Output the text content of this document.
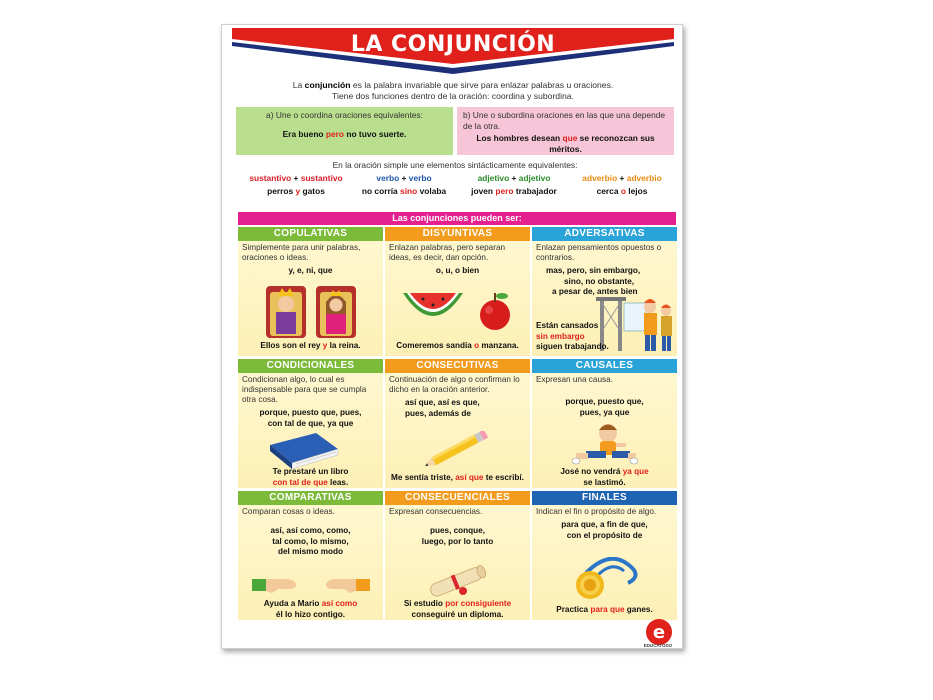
LA CONJUNCIÓN
La conjunción es la palabra invariable que sirve para enlazar palabras u oraciones.
Tiene dos funciones dentro de la oración: coordina y subordina.
a) Une o coordina oraciones equivalentes:
Era bueno pero no tuvo suerte.
b) Une o subordina oraciones en las que una depende de la otra.
Los hombres desean que se reconozcan sus méritos.
En la oración simple une elementos sintácticamente equivalentes:
sustantivo + sustantivo
perros y gatos
verbo + verbo
no corría sino volaba
adjetivo + adjetivo
joven pero trabajador
adverbio + adverbio
cerca o lejos
Las conjunciones pueden ser:
COPULATIVAS
Simplemente para unir palabras, oraciones o ideas.
y, e, ni, que
Ellos son el rey y la reina.
DISYUNTIVAS
Enlazan palabras, pero separan ideas, es decir, dan opción.
o, u, o bien
Comeremos sandía o manzana.
ADVERSATIVAS
Enlazan pensamientos opuestos o contrarios.
mas, pero, sin embargo,
sino, no obstante,
a pesar de, antes bien
Están cansados
sin embargo
siguen trabajando.
CONDICIONALES
Condicionan algo, lo cual es indispensable para que se cumpla otra cosa.
porque, puesto que, pues,
con tal de que, ya que
Te prestaré un libro
con tal de que leas.
CONSECUTIVAS
Continuación de algo o confirman lo dicho en la oración anterior.
así que, así es que,
pues, además de
Me sentía triste, así que te escribí.
CAUSALES
Expresan una causa.
porque, puesto que,
pues, ya que
José no vendrá ya que
se lastimó.
COMPARATIVAS
Comparan cosas o ideas.
así, así como, como,
tal como, lo mismo,
del mismo modo
Ayuda a Mario así como
él lo hizo contigo.
CONSECUENCIALES
Expresan consecuencias.
pues, conque,
luego, por lo tanto
Si estudio por consiguiente
conseguiré un diploma.
FINALES
Indican el fin o propósito de algo.
para que, a fin de que,
con el propósito de
Practica para que ganes.
e
EDUCATODO
